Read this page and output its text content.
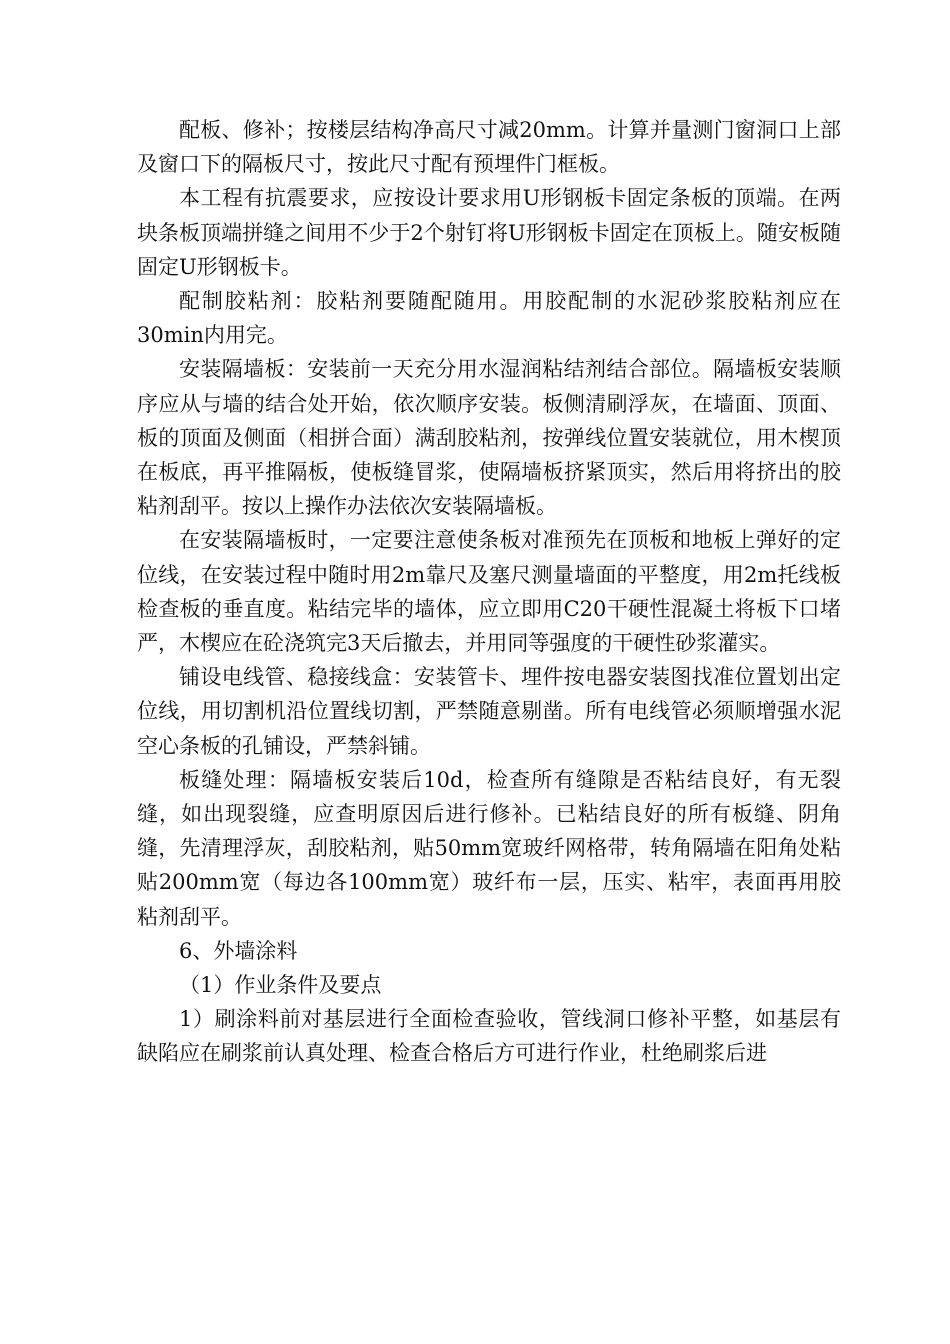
配板、修补；按楼层结构净高尺寸减20mm。计算并量测门窗洞口上部及窗口下的隔板尺寸，按此尺寸配有预埋件门框板。

本工程有抗震要求，应按设计要求用U形钢板卡固定条板的顶端。在两块条板顶端拼缝之间用不少于2个射钉将U形钢板卡固定在顶板上。随安板随固定U形钢板卡。

配制胶粘剂：胶粘剂要随配随用。用胶配制的水泥砂浆胶粘剂应在30min内用完。

安装隔墙板：安装前一天充分用水湿润粘结剂结合部位。隔墙板安装顺序应从与墙的结合处开始，依次顺序安装。板侧清刷浮灰，在墙面、顶面、板的顶面及侧面（相拼合面）满刮胶粘剂，按弹线位置安装就位，用木楔顶在板底，再平推隔板，使板缝冒浆，使隔墙板挤紧顶实，然后用将挤出的胶粘剂刮平。按以上操作办法依次安装隔墙板。

在安装隔墙板时，一定要注意使条板对准预先在顶板和地板上弹好的定位线，在安装过程中随时用2m靠尺及塞尺测量墙面的平整度，用2m托线板检查板的垂直度。粘结完毕的墙体，应立即用C20干硬性混凝土将板下口堵严，木楔应在砼浇筑完3天后撤去，并用同等强度的干硬性砂浆灌实。

铺设电线管、稳接线盒：安装管卡、埋件按电器安装图找准位置划出定位线，用切割机沿位置线切割，严禁随意剔凿。所有电线管必须顺增强水泥空心条板的孔铺设，严禁斜铺。

板缝处理：隔墙板安装后10d，检查所有缝隙是否粘结良好，有无裂缝，如出现裂缝，应查明原因后进行修补。已粘结良好的所有板缝、阴角缝，先清理浮灰，刮胶粘剂，贴50mm宽玻纤网格带，转角隔墙在阳角处粘贴200mm宽（每边各100mm宽）玻纤布一层，压实、粘牢，表面再用胶粘剂刮平。

6、外墙涂料

（1）作业条件及要点

1）刷涂料前对基层进行全面检查验收，管线洞口修补平整，如基层有缺陷应在刷浆前认真处理、检查合格后方可进行作业，杜绝刷浆后进
